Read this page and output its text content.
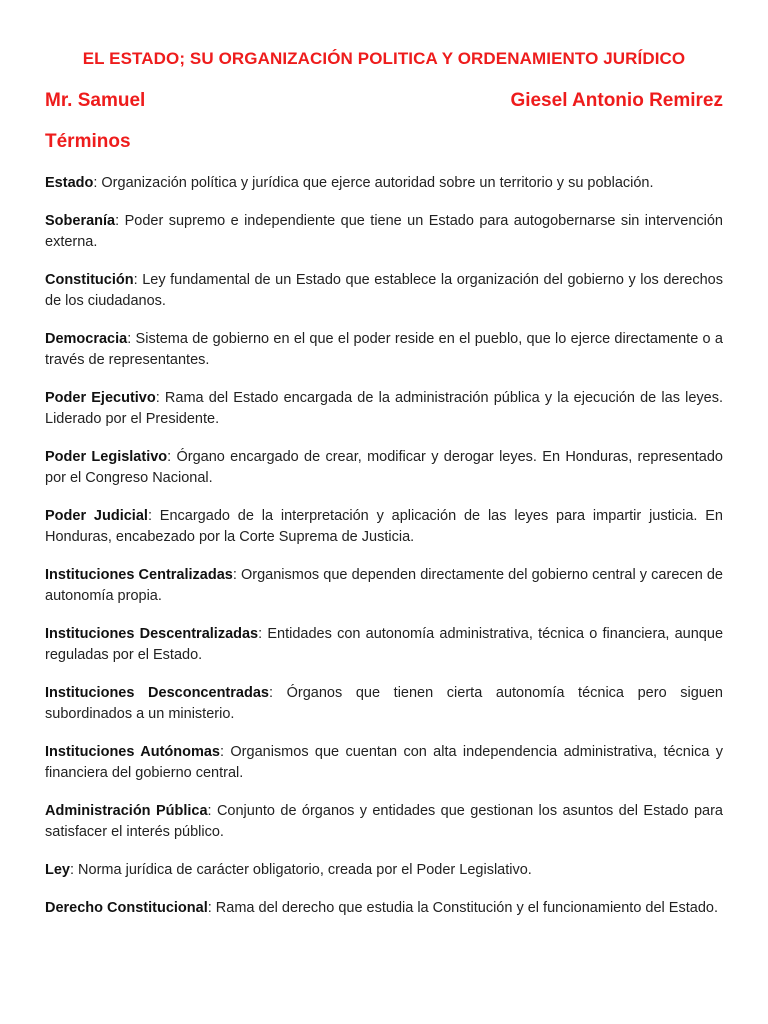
EL ESTADO; SU ORGANIZACIÓN POLITICA Y ORDENAMIENTO JURÍDICO
Mr. Samuel	Giesel Antonio Remirez
Términos

Estado: Organización política y jurídica que ejerce autoridad sobre un territorio y su población.

Soberanía: Poder supremo e independiente que tiene un Estado para autogobernarse sin intervención externa.

Constitución: Ley fundamental de un Estado que establece la organización del gobierno y los derechos de los ciudadanos.

Democracia: Sistema de gobierno en el que el poder reside en el pueblo, que lo ejerce directamente o a través de representantes.

Poder Ejecutivo: Rama del Estado encargada de la administración pública y la ejecución de las leyes. Liderado por el Presidente.

Poder Legislativo: Órgano encargado de crear, modificar y derogar leyes. En Honduras, representado por el Congreso Nacional.

Poder Judicial: Encargado de la interpretación y aplicación de las leyes para impartir justicia. En Honduras, encabezado por la Corte Suprema de Justicia.

Instituciones Centralizadas: Organismos que dependen directamente del gobierno central y carecen de autonomía propia.

Instituciones Descentralizadas: Entidades con autonomía administrativa, técnica o financiera, aunque reguladas por el Estado.

Instituciones Desconcentradas: Órganos que tienen cierta autonomía técnica pero siguen subordinados a un ministerio.

Instituciones Autónomas: Organismos que cuentan con alta independencia administrativa, técnica y financiera del gobierno central.

Administración Pública: Conjunto de órganos y entidades que gestionan los asuntos del Estado para satisfacer el interés público.

Ley: Norma jurídica de carácter obligatorio, creada por el Poder Legislativo.

Derecho Constitucional: Rama del derecho que estudia la Constitución y el funcionamiento del Estado.
